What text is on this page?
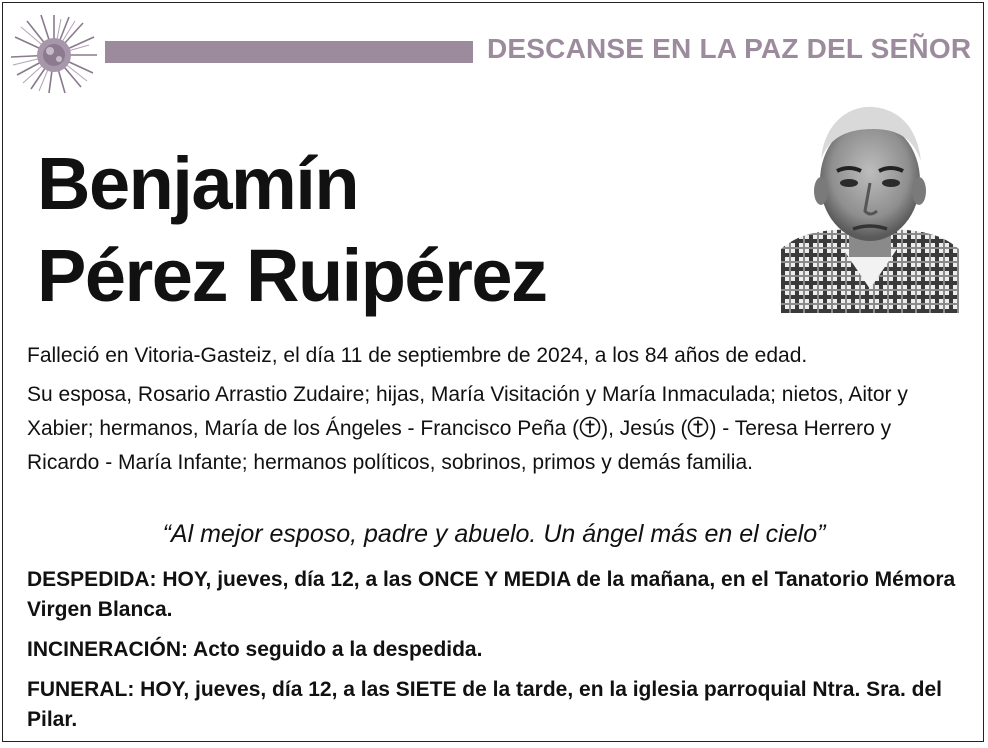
DESCANSE EN LA PAZ DEL SEÑOR
Benjamín
Pérez Ruipérez

Falleció en Vitoria-Gasteiz, el día 11 de septiembre de 2024, a los 84 años de edad.

Su esposa, Rosario Arrastio Zudaire; hijas, María Visitación y María Inmaculada; nietos, Aitor y Xabier; hermanos, María de los Ángeles - Francisco Peña ( ), Jesús ( ) - Teresa Herrero y Ricardo - María Infante; hermanos políticos, sobrinos, primos y demás familia.

“Al mejor esposo, padre y abuelo. Un ángel más en el cielo”
DESPEDIDA: HOY, jueves, día 12, a las ONCE Y MEDIA de la mañana, en el Tanatorio Mémora Virgen Blanca.
INCINERACIÓN: Acto seguido a la despedida.
FUNERAL: HOY, jueves, día 12, a las SIETE de la tarde, en la iglesia parroquial Ntra. Sra. del Pilar.
